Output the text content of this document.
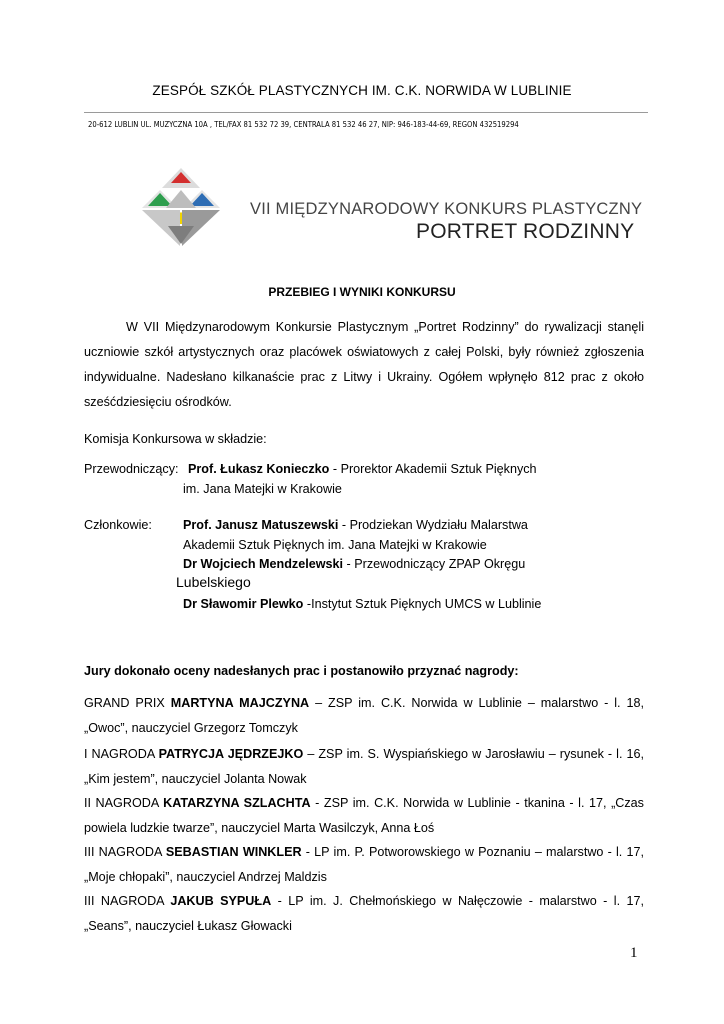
ZESPÓŁ SZKÓŁ PLASTYCZNYCH IM. C.K. NORWIDA W LUBLINIE
20-612 LUBLIN UL. MUZYCZNA 10A , TEL/FAX 81 532 72 39, CENTRALA 81 532 46 27, NIP: 946-183-44-69, REGON 432519294
VII MIĘDZYNARODOWY KONKURS PLASTYCZNY
PORTRET RODZINNY
PRZEBIEG I WYNIKI KONKURSU
W VII Międzynarodowym Konkursie Plastycznym „Portret Rodzinny” do rywalizacji stanęli uczniowie szkół artystycznych oraz placówek oświatowych z całej Polski, były również zgłoszenia indywidualne. Nadesłano kilkanaście prac z Litwy i Ukrainy. Ogółem wpłynęło 812 prac z około sześćdziesięciu ośrodków.
Komisja Konkursowa w składzie:
Przewodniczący: Prof. Łukasz Konieczko - Prorektor Akademii Sztuk Pięknych
im. Jana Matejki w Krakowie
Członkowie: Prof. Janusz Matuszewski - Prodziekan Wydziału Malarstwa
Akademii Sztuk Pięknych im. Jana Matejki w Krakowie
Dr Wojciech Mendzelewski - Przewodniczący ZPAP Okręgu
Lubelskiego
Dr Sławomir Plewko -Instytut Sztuk Pięknych UMCS w Lublinie
Jury dokonało oceny nadesłanych prac i postanowiło przyznać nagrody:
GRAND PRIX MARTYNA MAJCZYNA – ZSP im. C.K. Norwida w Lublinie – malarstwo - l. 18, „Owoc”, nauczyciel Grzegorz Tomczyk
I NAGRODA PATRYCJA JĘDRZEJKO – ZSP im. S. Wyspiańskiego w Jarosławiu – rysunek - l. 16, „Kim jestem”, nauczyciel Jolanta Nowak
II NAGRODA KATARZYNA SZLACHTA - ZSP im. C.K. Norwida w Lublinie - tkanina - l. 17, „Czas powiela ludzkie twarze”, nauczyciel Marta Wasilczyk, Anna Łoś
III NAGRODA SEBASTIAN WINKLER - LP im. P. Potworowskiego w Poznaniu – malarstwo - l. 17, „Moje chłopaki”, nauczyciel Andrzej Maldzis
III NAGRODA JAKUB SYPUŁA - LP im. J. Chełmońskiego w Nałęczowie - malarstwo - l. 17, „Seans”, nauczyciel Łukasz Głowacki
1
